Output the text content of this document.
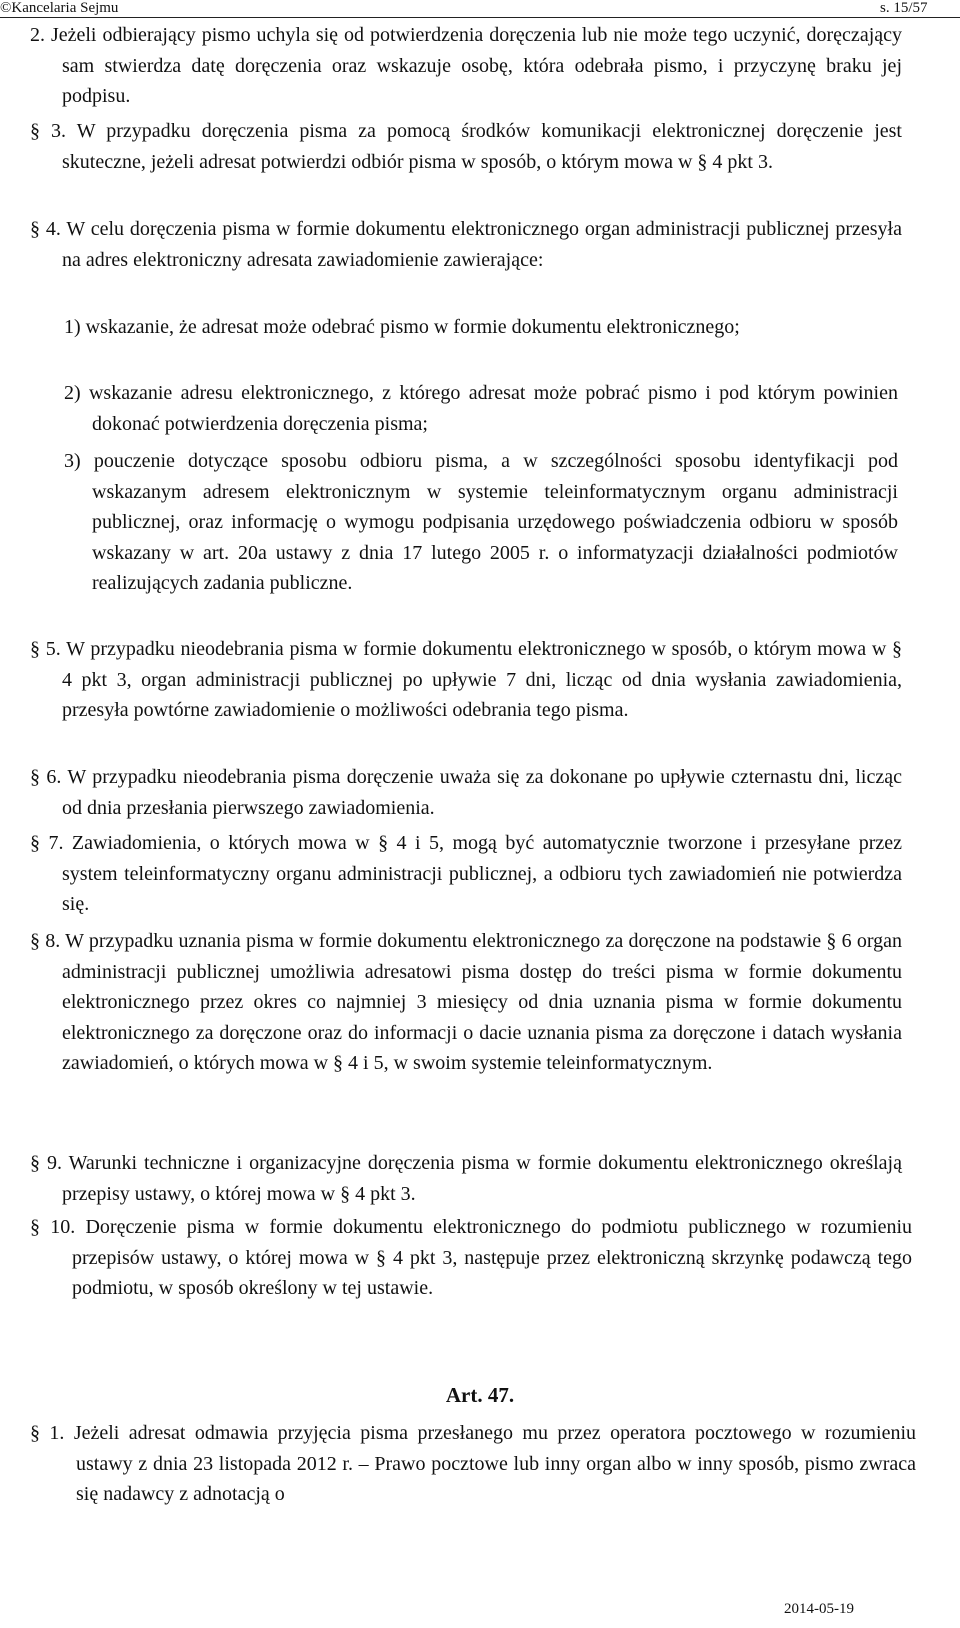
©Kancelaria Sejmu	s. 15/57
2. Jeżeli odbierający pismo uchyla się od potwierdzenia doręczenia lub nie może tego uczynić, doręczający sam stwierdza datę doręczenia oraz wskazuje osobę, która odebrała pismo, i przyczynę braku jej podpisu.
§ 3. W przypadku doręczenia pisma za pomocą środków komunikacji elektronicznej doręczenie jest skuteczne, jeżeli adresat potwierdzi odbiór pisma w sposób, o którym mowa w § 4 pkt 3.
§ 4. W celu doręczenia pisma w formie dokumentu elektronicznego organ administracji publicznej przesyła na adres elektroniczny adresata zawiadomienie zawierające:
1) wskazanie, że adresat może odebrać pismo w formie dokumentu elektronicznego;
2) wskazanie adresu elektronicznego, z którego adresat może pobrać pismo i pod którym powinien dokonać potwierdzenia doręczenia pisma;
3) pouczenie dotyczące sposobu odbioru pisma, a w szczególności sposobu identyfikacji pod wskazanym adresem elektronicznym w systemie teleinformatycznym organu administracji publicznej, oraz informację o wymogu podpisania urzędowego poświadczenia odbioru w sposób wskazany w art. 20a ustawy z dnia 17 lutego 2005 r. o informatyzacji działalności podmiotów realizujących zadania publiczne.
§ 5. W przypadku nieodebrania pisma w formie dokumentu elektronicznego w sposób, o którym mowa w § 4 pkt 3, organ administracji publicznej po upływie 7 dni, licząc od dnia wysłania zawiadomienia, przesyła powtórne zawiadomienie o możliwości odebrania tego pisma.
§ 6. W przypadku nieodebrania pisma doręczenie uważa się za dokonane po upływie czternastu dni, licząc od dnia przesłania pierwszego zawiadomienia.
§ 7. Zawiadomienia, o których mowa w § 4 i 5, mogą być automatycznie tworzone i przesyłane przez system teleinformatyczny organu administracji publicznej, a odbioru tych zawiadomień nie potwierdza się.
§ 8. W przypadku uznania pisma w formie dokumentu elektronicznego za doręczone na podstawie § 6 organ administracji publicznej umożliwia adresatowi pisma dostęp do treści pisma w formie dokumentu elektronicznego przez okres co najmniej 3 miesięcy od dnia uznania pisma w formie dokumentu elektronicznego za doręczone oraz do informacji o dacie uznania pisma za doręczone i datach wysłania zawiadomień, o których mowa w § 4 i 5, w swoim systemie teleinformatycznym.
§ 9. Warunki techniczne i organizacyjne doręczenia pisma w formie dokumentu elektronicznego określają przepisy ustawy, o której mowa w § 4 pkt 3.
§ 10. Doręczenie pisma w formie dokumentu elektronicznego do podmiotu publicznego w rozumieniu przepisów ustawy, o której mowa w § 4 pkt 3, następuje przez elektroniczną skrzynkę podawczą tego podmiotu, w sposób określony w tej ustawie.
Art. 47.
§ 1. Jeżeli adresat odmawia przyjęcia pisma przesłanego mu przez operatora pocztowego w rozumieniu ustawy z dnia 23 listopada 2012 r. – Prawo pocztowe lub inny organ albo w inny sposób, pismo zwraca się nadawcy z adnotacją o
2014-05-19
